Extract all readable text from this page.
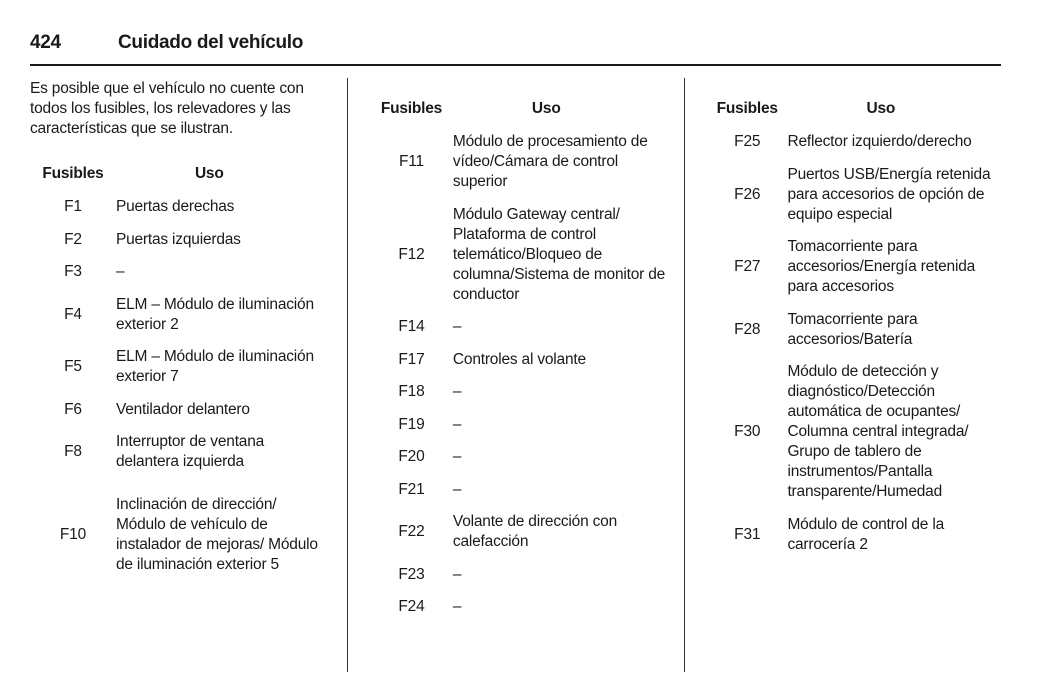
424	Cuidado del vehículo
Es posible que el vehículo no cuente con todos los fusibles, los relevadores y las características que se ilustran.
Fusibles	Uso
F1	Puertas derechas
F2	Puertas izquierdas
F3	–
F4	ELM – Módulo de iluminación exterior 2
F5	ELM – Módulo de iluminación exterior 7
F6	Ventilador delantero
F8	Interruptor de ventana delantera izquierda
F10	Inclinación de dirección/ Módulo de vehículo de instalador de mejoras/ Módulo de iluminación exterior 5
Fusibles	Uso
F11	Módulo de procesamiento de vídeo/Cámara de control superior
F12	Módulo Gateway central/ Plataforma de control telemático/Bloqueo de columna/Sistema de monitor de conductor
F14	–
F17	Controles al volante
F18	–
F19	–
F20	–
F21	–
F22	Volante de dirección con calefacción
F23	–
F24	–
Fusibles	Uso
F25	Reflector izquierdo/derecho
F26	Puertos USB/Energía retenida para accesorios de opción de equipo especial
F27	Tomacorriente para accesorios/Energía retenida para accesorios
F28	Tomacorriente para accesorios/Batería
F30	Módulo de detección y diagnóstico/Detección automática de ocupantes/ Columna central integrada/ Grupo de tablero de instrumentos/Pantalla transparente/Humedad
F31	Módulo de control de la carrocería 2
